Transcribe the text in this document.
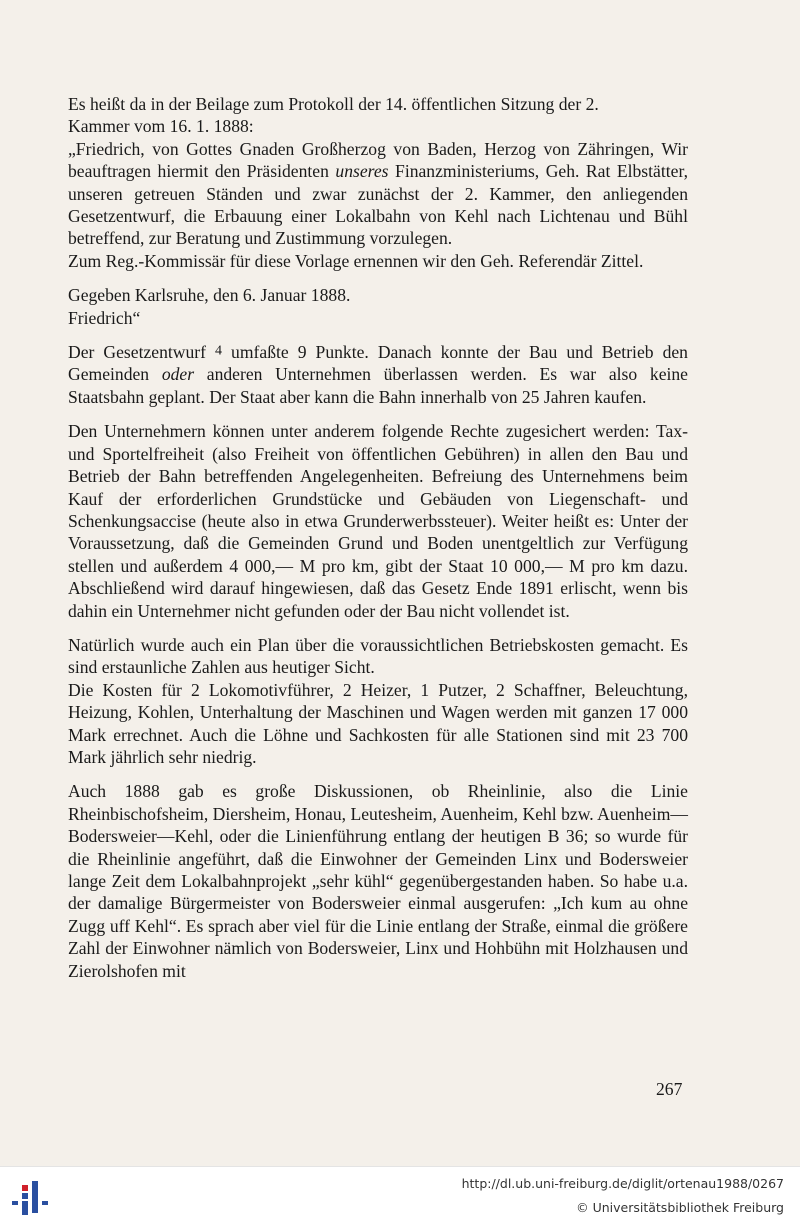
Es heißt da in der Beilage zum Protokoll der 14. öffentlichen Sitzung der 2.

Kammer vom 16. 1. 1888:

„Friedrich, von Gottes Gnaden Großherzog von Baden, Herzog von Zähringen, Wir beauftragen hiermit den Präsidenten unseres Finanzministeriums, Geh. Rat Elbstätter, unseren getreuen Ständen und zwar zunächst der 2. Kammer, den anliegenden Gesetzentwurf, die Erbauung einer Lokalbahn von Kehl nach Lichtenau und Bühl betreffend, zur Beratung und Zustimmung vorzulegen.

Zum Reg.-Kommissär für diese Vorlage ernennen wir den Geh. Referendär Zittel.

Gegeben Karlsruhe, den 6. Januar 1888.

Friedrich“

Der Gesetzentwurf $^4$ umfaßte 9 Punkte. Danach konnte der Bau und Betrieb den Gemeinden oder anderen Unternehmen überlassen werden. Es war also keine Staatsbahn geplant. Der Staat aber kann die Bahn innerhalb von 25 Jahren kaufen.

Den Unternehmern können unter anderem folgende Rechte zugesichert werden: Tax- und Sportelfreiheit (also Freiheit von öffentlichen Gebühren) in allen den Bau und Betrieb der Bahn betreffenden Angelegenheiten. Befreiung des Unternehmens beim Kauf der erforderlichen Grundstücke und Gebäuden von Liegenschaft- und Schenkungsaccise (heute also in etwa Grunderwerbssteuer). Weiter heißt es: Unter der Voraussetzung, daß die Gemeinden Grund und Boden unentgeltlich zur Verfügung stellen und außerdem 4 000,— M pro km, gibt der Staat 10 000,— M pro km dazu. Abschließend wird darauf hingewiesen, daß das Gesetz Ende 1891 erlischt, wenn bis dahin ein Unternehmer nicht gefunden oder der Bau nicht vollendet ist.

Natürlich wurde auch ein Plan über die voraussichtlichen Betriebskosten gemacht. Es sind erstaunliche Zahlen aus heutiger Sicht.

Die Kosten für 2 Lokomotivführer, 2 Heizer, 1 Putzer, 2 Schaffner, Beleuchtung, Heizung, Kohlen, Unterhaltung der Maschinen und Wagen werden mit ganzen 17 000 Mark errechnet. Auch die Löhne und Sachkosten für alle Stationen sind mit 23 700 Mark jährlich sehr niedrig.

Auch 1888 gab es große Diskussionen, ob Rheinlinie, also die Linie Rheinbischofsheim, Diersheim, Honau, Leutesheim, Auenheim, Kehl bzw. Auenheim—Bodersweier—Kehl, oder die Linienführung entlang der heutigen B 36; so wurde für die Rheinlinie angeführt, daß die Einwohner der Gemeinden Linx und Bodersweier lange Zeit dem Lokalbahnprojekt „sehr kühl“ gegenübergestanden haben. So habe u.a. der damalige Bürgermeister von Bodersweier einmal ausgerufen: „Ich kum au ohne Zugg uff Kehl“. Es sprach aber viel für die Linie entlang der Straße, einmal die größere Zahl der Einwohner nämlich von Bodersweier, Linx und Hohbühn mit Holzhausen und Zierolshofen mit

267
http://dl.ub.uni-freiburg.de/diglit/ortenau1988/0267
© Universitätsbibliothek Freiburg
